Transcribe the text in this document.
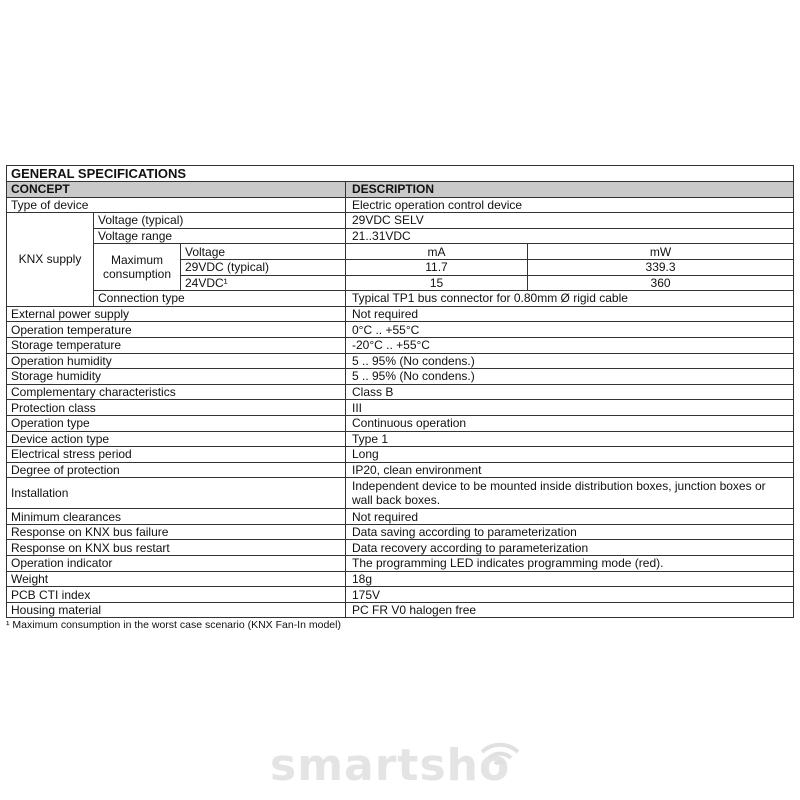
GENERAL SPECIFICATIONS				
CONCEPT			DESCRIPTION	
Type of device			Electric operation control device	
KNX supply	Voltage (typical)		29VDC SELV	
	Voltage range		21..31VDC	
	Maximum consumption	Voltage	mA	mW
		29VDC (typical)	11.7	339.3
		24VDC¹	15	360
	Connection type		Typical TP1 bus connector for 0.80mm Ø rigid cable	
External power supply			Not required	
Operation temperature			0°C .. +55°C	
Storage temperature			-20°C .. +55°C	
Operation humidity			5 .. 95% (No condens.)	
Storage humidity			5 .. 95% (No condens.)	
Complementary characteristics			Class B	
Protection class			III	
Operation type			Continuous operation	
Device action type			Type 1	
Electrical stress period			Long	
Degree of protection			IP20, clean environment	
Installation			Independent device to be mounted inside distribution boxes, junction boxes or wall back boxes.	
Minimum clearances			Not required	
Response on KNX bus failure			Data saving according to parameterization	
Response on KNX bus restart			Data recovery according to parameterization	
Operation indicator			The programming LED indicates programming mode (red).	
Weight			18g	
PCB CTI index			175V	
Housing material			PC FR V0 halogen free	
¹ Maximum consumption in the worst case scenario (KNX Fan-In model)
smartsho
